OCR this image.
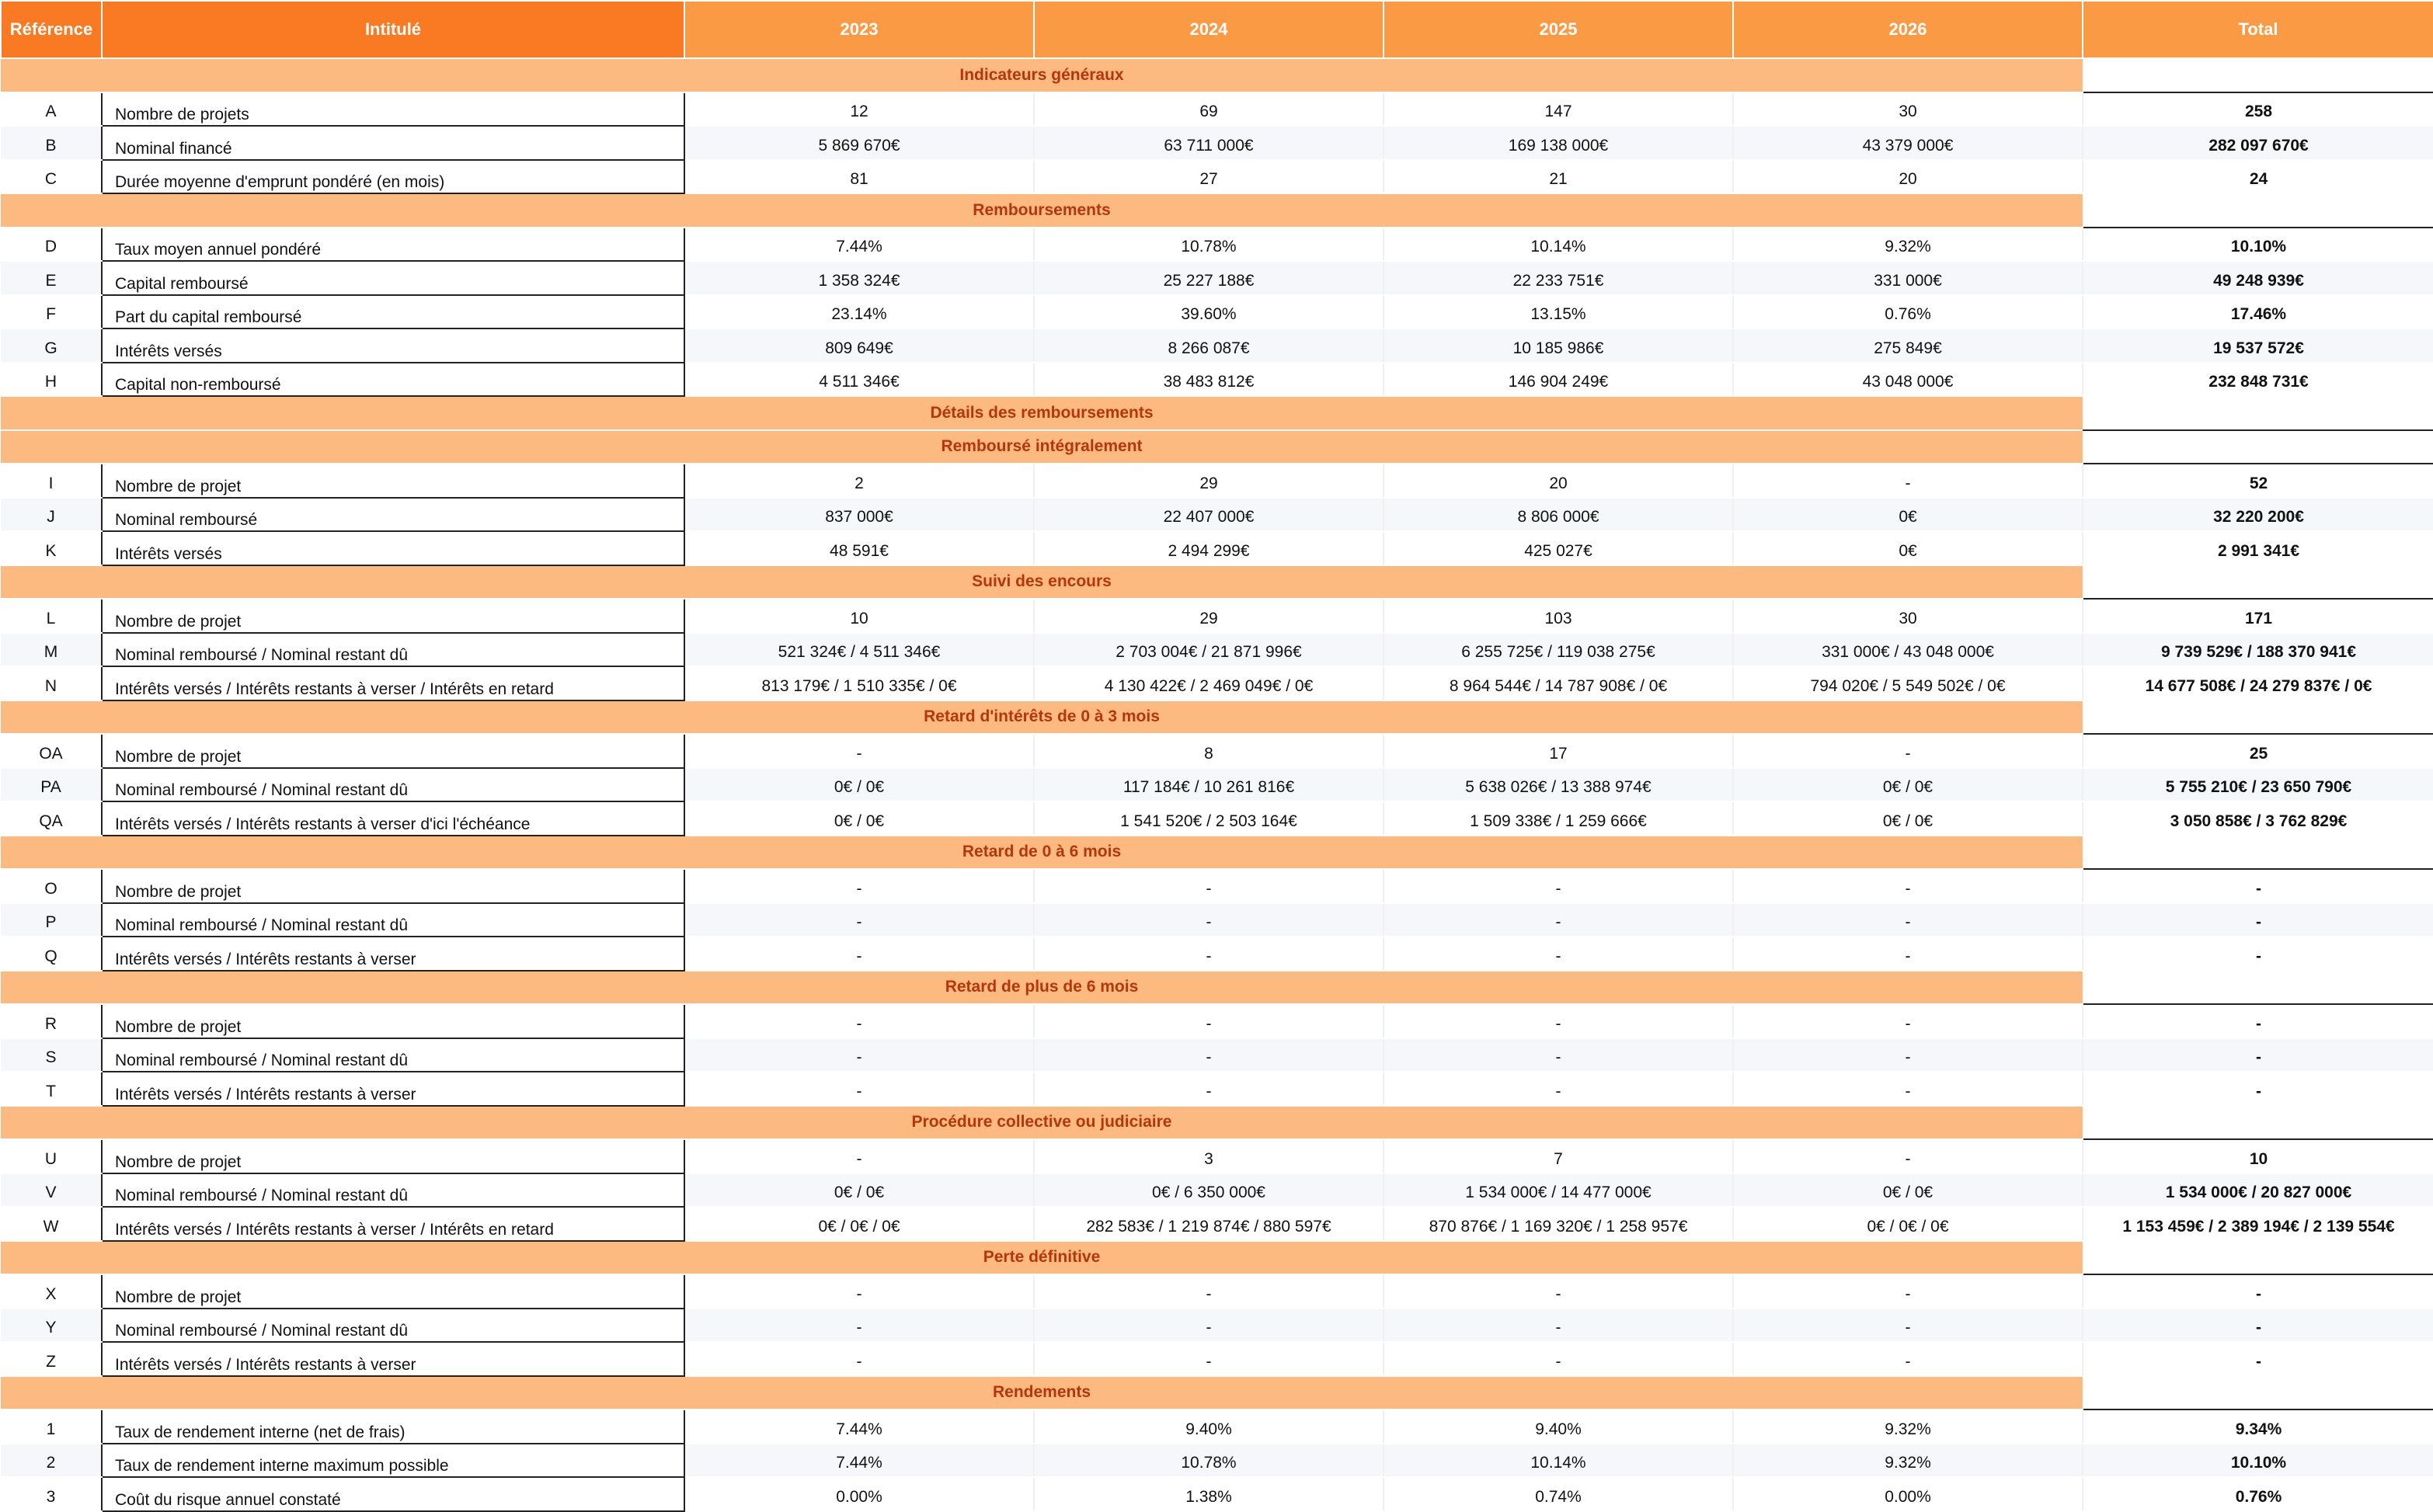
Référence	Intitulé	2023	2024	2025	2026	Total
Indicateurs généraux						
A	Nombre de projets	12	69	147	30	258
B	Nominal financé	5 869 670€	63 711 000€	169 138 000€	43 379 000€	282 097 670€
C	Durée moyenne d'emprunt pondéré (en mois)	81	27	21	20	24
Remboursements						
D	Taux moyen annuel pondéré	7.44%	10.78%	10.14%	9.32%	10.10%
E	Capital remboursé	1 358 324€	25 227 188€	22 233 751€	331 000€	49 248 939€
F	Part du capital remboursé	23.14%	39.60%	13.15%	0.76%	17.46%
G	Intérêts versés	809 649€	8 266 087€	10 185 986€	275 849€	19 537 572€
H	Capital non-remboursé	4 511 346€	38 483 812€	146 904 249€	43 048 000€	232 848 731€
Détails des remboursements						
Remboursé intégralement						
I	Nombre de projet	2	29	20	-	52
J	Nominal remboursé	837 000€	22 407 000€	8 806 000€	0€	32 220 200€
K	Intérêts versés	48 591€	2 494 299€	425 027€	0€	2 991 341€
Suivi des encours						
L	Nombre de projet	10	29	103	30	171
M	Nominal remboursé / Nominal restant dû	521 324€ / 4 511 346€	2 703 004€ / 21 871 996€	6 255 725€ / 119 038 275€	331 000€ / 43 048 000€	9 739 529€ / 188 370 941€
N	Intérêts versés / Intérêts restants à verser / Intérêts en retard	813 179€ / 1 510 335€ / 0€	4 130 422€ / 2 469 049€ / 0€	8 964 544€ / 14 787 908€ / 0€	794 020€ / 5 549 502€ / 0€	14 677 508€ / 24 279 837€ / 0€
Retard d'intérêts de 0 à 3 mois						
OA	Nombre de projet	-	8	17	-	25
PA	Nominal remboursé / Nominal restant dû	0€ / 0€	117 184€ / 10 261 816€	5 638 026€ / 13 388 974€	0€ / 0€	5 755 210€ / 23 650 790€
QA	Intérêts versés / Intérêts restants à verser d'ici l'échéance	0€ / 0€	1 541 520€ / 2 503 164€	1 509 338€ / 1 259 666€	0€ / 0€	3 050 858€ / 3 762 829€
Retard de 0 à 6 mois						
O	Nombre de projet	-	-	-	-	-
P	Nominal remboursé / Nominal restant dû	-	-	-	-	-
Q	Intérêts versés / Intérêts restants à verser	-	-	-	-	-
Retard de plus de 6 mois						
R	Nombre de projet	-	-	-	-	-
S	Nominal remboursé / Nominal restant dû	-	-	-	-	-
T	Intérêts versés / Intérêts restants à verser	-	-	-	-	-
Procédure collective ou judiciaire						
U	Nombre de projet	-	3	7	-	10
V	Nominal remboursé / Nominal restant dû	0€ / 0€	0€ / 6 350 000€	1 534 000€ / 14 477 000€	0€ / 0€	1 534 000€ / 20 827 000€
W	Intérêts versés / Intérêts restants à verser / Intérêts en retard	0€ / 0€ / 0€	282 583€ / 1 219 874€ / 880 597€	870 876€ / 1 169 320€ / 1 258 957€	0€ / 0€ / 0€	1 153 459€ / 2 389 194€ / 2 139 554€
Perte définitive						
X	Nombre de projet	-	-	-	-	-
Y	Nominal remboursé / Nominal restant dû	-	-	-	-	-
Z	Intérêts versés / Intérêts restants à verser	-	-	-	-	-
Rendements						
1	Taux de rendement interne (net de frais)	7.44%	9.40%	9.40%	9.32%	9.34%
2	Taux de rendement interne maximum possible	7.44%	10.78%	10.14%	9.32%	10.10%
3	Coût du risque annuel constaté	0.00%	1.38%	0.74%	0.00%	0.76%
